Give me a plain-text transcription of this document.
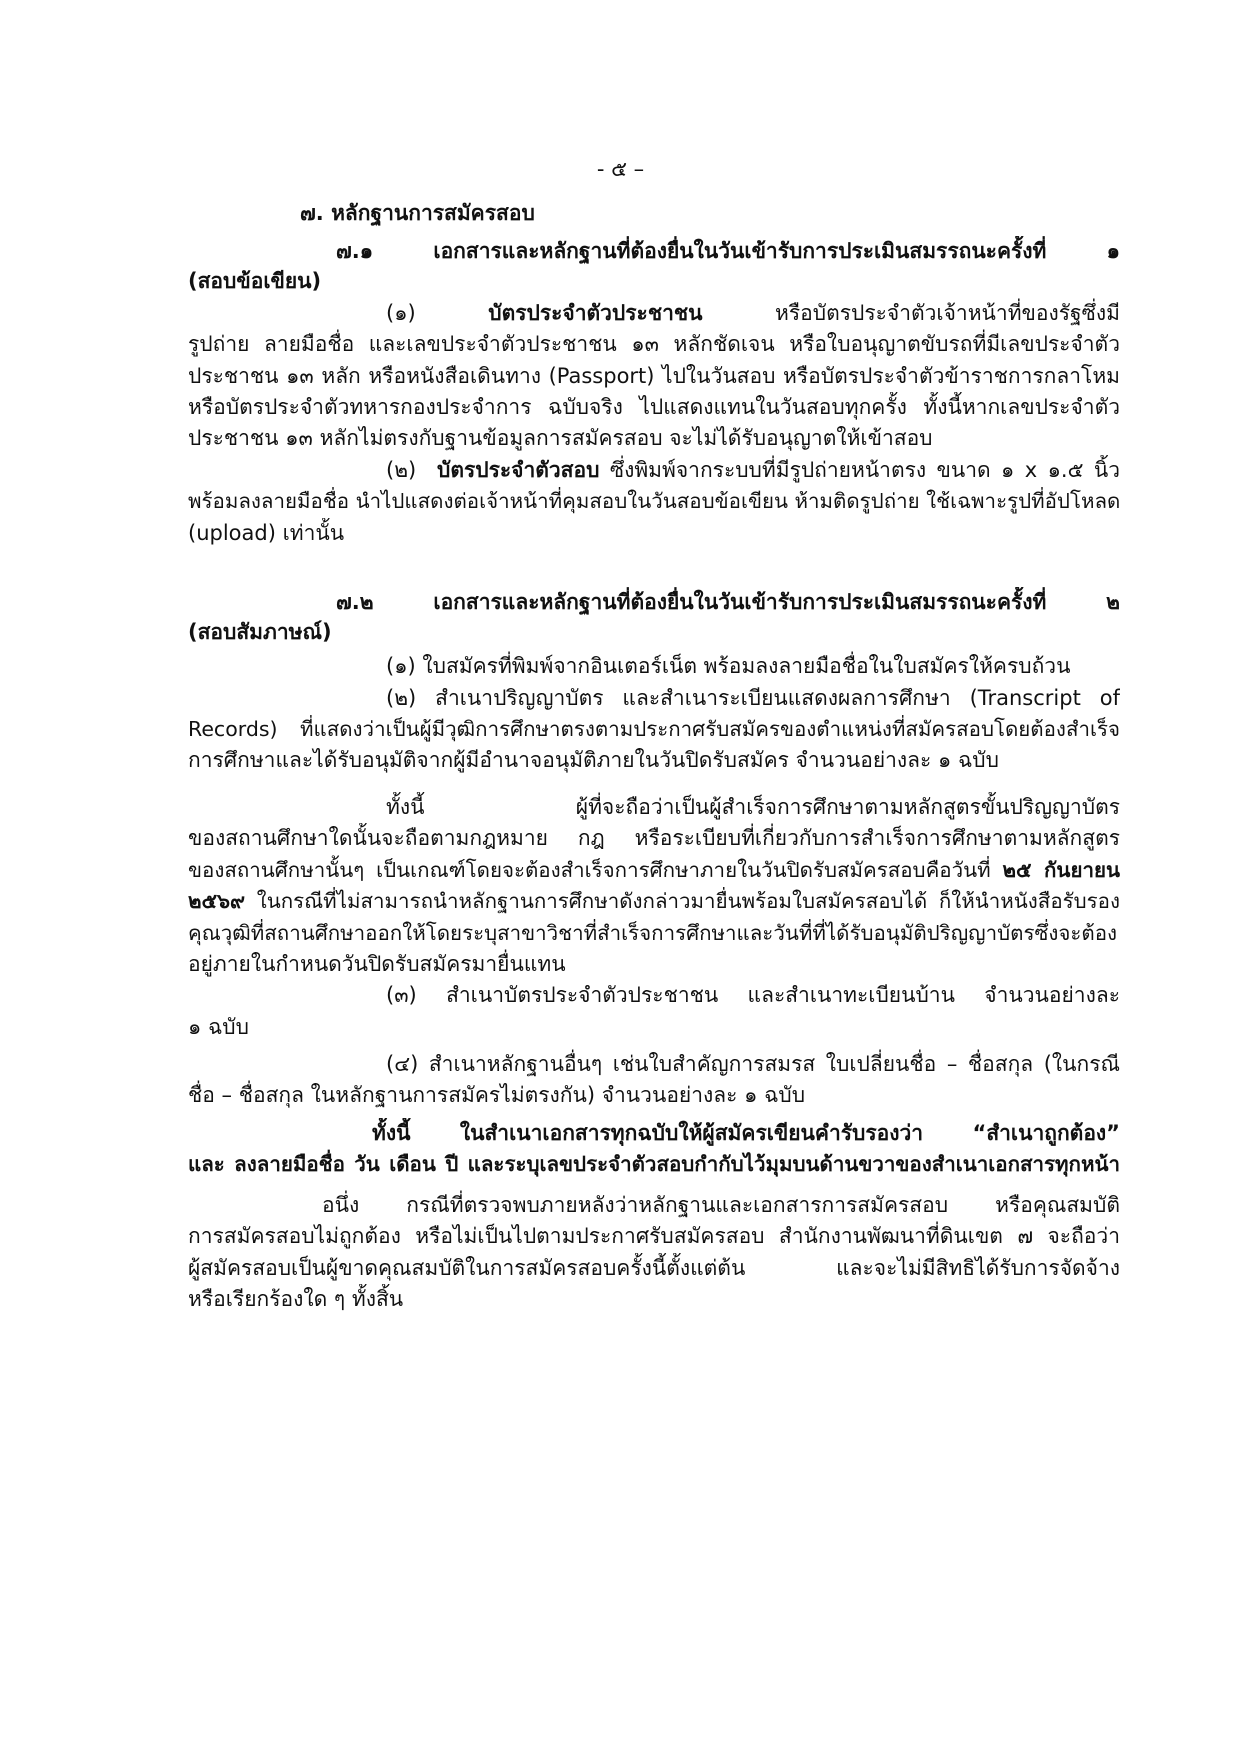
- ๕ –
๗. หลักฐานการสมัครสอบ
๗.๑ เอกสารและหลักฐานที่ต้องยื่นในวันเข้ารับการประเมินสมรรถนะครั้งที่ ๑
(สอบข้อเขียน)
(๑)	บัตรประจำตัวประชาชน	หรือบัตรประจำตัวเจ้าหน้าที่ของรัฐซึ่งมี
รูปถ่าย ลายมือชื่อ และเลขประจำตัวประชาชน ๑๓ หลักชัดเจน หรือใบอนุญาตขับรถที่มีเลขประจำตัว
ประชาชน ๑๓ หลัก หรือหนังสือเดินทาง (Passport) ไปในวันสอบ หรือบัตรประจำตัวข้าราชการกลาโหม
หรือบัตรประจำตัวทหารกองประจำการ ฉบับจริง ไปแสดงแทนในวันสอบทุกครั้ง ทั้งนี้หากเลขประจำตัว
ประชาชน ๑๓ หลักไม่ตรงกับฐานข้อมูลการสมัครสอบ จะไม่ได้รับอนุญาตให้เข้าสอบ
(๒) บัตรประจำตัวสอบ ซึ่งพิมพ์จากระบบที่มีรูปถ่ายหน้าตรง ขนาด ๑ x ๑.๕ นิ้ว
พร้อมลงลายมือชื่อ นำไปแสดงต่อเจ้าหน้าที่คุมสอบในวันสอบข้อเขียน ห้ามติดรูปถ่าย ใช้เฉพาะรูปที่อัปโหลด
(upload) เท่านั้น
๗.๒ เอกสารและหลักฐานที่ต้องยื่นในวันเข้ารับการประเมินสมรรถนะครั้งที่ ๒
(สอบสัมภาษณ์)
(๑) ใบสมัครที่พิมพ์จากอินเตอร์เน็ต พร้อมลงลายมือชื่อในใบสมัครให้ครบถ้วน
(๒) สำเนาปริญญาบัตร และสำเนาระเบียนแสดงผลการศึกษา (Transcript of
Records) ที่แสดงว่าเป็นผู้มีวุฒิการศึกษาตรงตามประกาศรับสมัครของตำแหน่งที่สมัครสอบโดยต้องสำเร็จ
การศึกษาและได้รับอนุมัติจากผู้มีอำนาจอนุมัติภายในวันปิดรับสมัคร จำนวนอย่างละ ๑ ฉบับ
ทั้งนี้ ผู้ที่จะถือว่าเป็นผู้สำเร็จการศึกษาตามหลักสูตรขั้นปริญญาบัตร
ของสถานศึกษาใดนั้นจะถือตามกฎหมาย กฎ หรือระเบียบที่เกี่ยวกับการสำเร็จการศึกษาตามหลักสูตร
ของสถานศึกษานั้นๆ เป็นเกณฑ์โดยจะต้องสำเร็จการศึกษาภายในวันปิดรับสมัครสอบคือวันที่ ๒๕ กันยายน
๒๕๖๙ ในกรณีที่ไม่สามารถนำหลักฐานการศึกษาดังกล่าวมายื่นพร้อมใบสมัครสอบได้ ก็ให้นำหนังสือรับรอง
คุณวุฒิที่สถานศึกษาออกให้โดยระบุสาขาวิชาที่สำเร็จการศึกษาและวันที่ที่ได้รับอนุมัติปริญญาบัตรซึ่งจะต้อง
อยู่ภายในกำหนดวันปิดรับสมัครมายื่นแทน
(๓) สำเนาบัตรประจำตัวประชาชน และสำเนาทะเบียนบ้าน จำนวนอย่างละ
๑ ฉบับ
(๔) สำเนาหลักฐานอื่นๆ เช่นใบสำคัญการสมรส ใบเปลี่ยนชื่อ – ชื่อสกุล (ในกรณี
ชื่อ – ชื่อสกุล ในหลักฐานการสมัครไม่ตรงกัน) จำนวนอย่างละ ๑ ฉบับ
ทั้งนี้ ในสำเนาเอกสารทุกฉบับให้ผู้สมัครเขียนคำรับรองว่า “สำเนาถูกต้อง”
และ ลงลายมือชื่อ วัน เดือน ปี และระบุเลขประจำตัวสอบกำกับไว้มุมบนด้านขวาของสำเนาเอกสารทุกหน้า
อนึ่ง กรณีที่ตรวจพบภายหลังว่าหลักฐานและเอกสารการสมัครสอบ หรือคุณสมบัติ
การสมัครสอบไม่ถูกต้อง หรือไม่เป็นไปตามประกาศรับสมัครสอบ สำนักงานพัฒนาที่ดินเขต ๗ จะถือว่า
ผู้สมัครสอบเป็นผู้ขาดคุณสมบัติในการสมัครสอบครั้งนี้ตั้งแต่ต้น และจะไม่มีสิทธิได้รับการจัดจ้าง
หรือเรียกร้องใด ๆ ทั้งสิ้น
